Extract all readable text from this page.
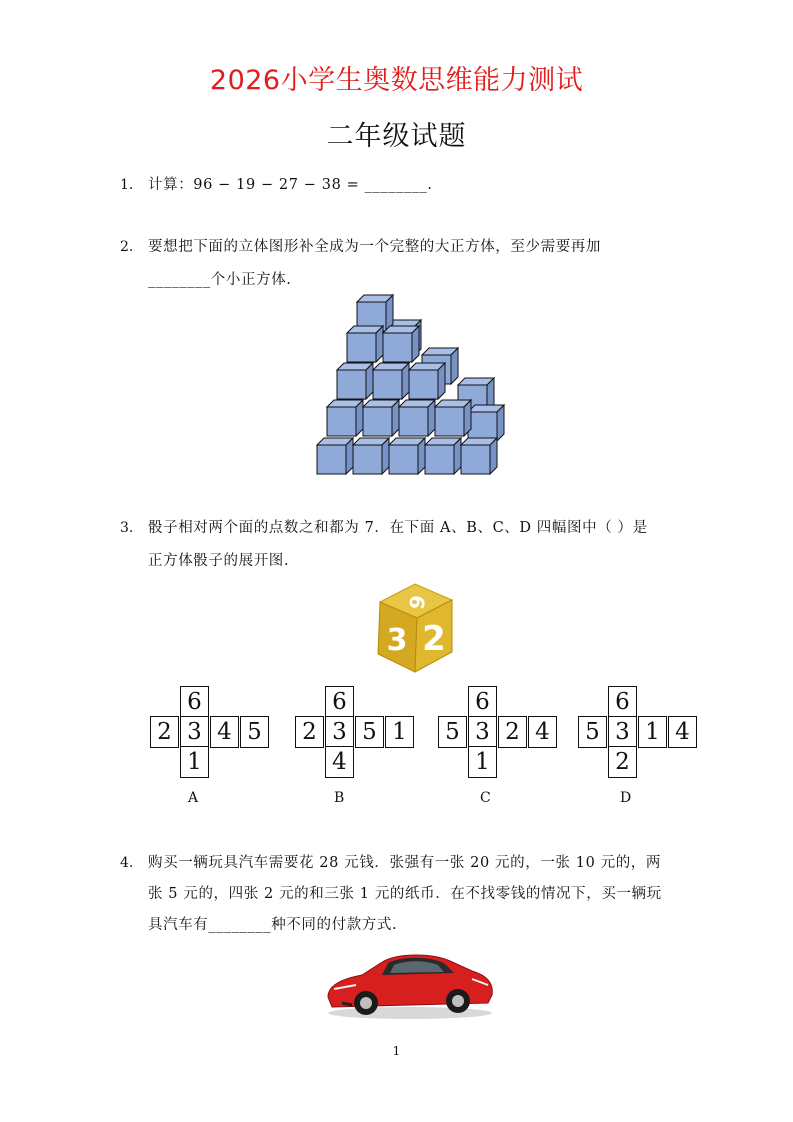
2026小学生奥数思维能力测试
二年级试题
1. 计算：96 − 19 − 27 − 38 = ________.
2. 要想把下面的立体图形补全成为一个完整的大正方体，至少需要再加
________个小正方体.
3. 骰子相对两个面的点数之和都为 7．在下面 A、B、C、D 四幅图中（ ）是
正方体骰子的展开图.
6
3 2
6
2 3 4 5
1
A
6
2 3 5 1
4
B
6
5 3 2 4
1
C
6
5 3 1 4
2
D
4. 购买一辆玩具汽车需要花 28 元钱．张强有一张 20 元的，一张 10 元的，两
张 5 元的，四张 2 元的和三张 1 元的纸币．在不找零钱的情况下，买一辆玩
具汽车有________种不同的付款方式.
1
